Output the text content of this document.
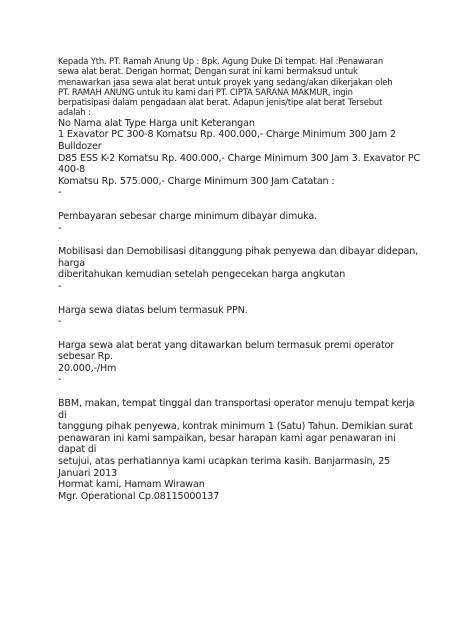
Kepada Yth. PT. Ramah Anung Up : Bpk. Agung Duke Di tempat. Hal :Penawaran
sewa alat berat. Dengan hormat, Dengan surat ini kami bermaksud untuk
menawarkan jasa sewa alat berat untuk proyek yang sedang/akan dikerjakan oleh
PT. RAMAH ANUNG untuk itu kami dari PT. CIPTA SARANA MAKMUR, ingin
berpatisipasi dalam pengadaan alat berat. Adapun jenis/tipe alat berat Tersebut
adalah :

No Nama alat Type Harga unit Keterangan
1 Exavator PC 300-8 Komatsu Rp. 400.000,- Charge Minimum 300 Jam 2 Bulldozer
D85 ESS K-2 Komatsu Rp. 400.000,- Charge Minimum 300 Jam 3. Exavator PC 400-8
Komatsu Rp. 575.000,- Charge Minimum 300 Jam Catatan :

-

Pembayaran sebesar charge minimum dibayar dimuka.

-

Mobilisasi dan Demobilisasi ditanggung pihak penyewa dan dibayar didepan, harga
diberitahukan kemudian setelah pengecekan harga angkutan

-

Harga sewa diatas belum termasuk PPN.

-

Harga sewa alat berat yang ditawarkan belum termasuk premi operator sebesar Rp.
20.000,-/Hm

-

BBM, makan, tempat tinggal dan transportasi operator menuju tempat kerja di
tanggung pihak penyewa, kontrak minimum 1 (Satu) Tahun. Demikian surat
penawaran ini kami sampaikan, besar harapan kami agar penawaran ini dapat di
setujui, atas perhatiannya kami ucapkan terima kasih. Banjarmasin, 25 Januari 2013
Hormat kami, Hamam Wirawan
Mgr. Operational Cp.08115000137
